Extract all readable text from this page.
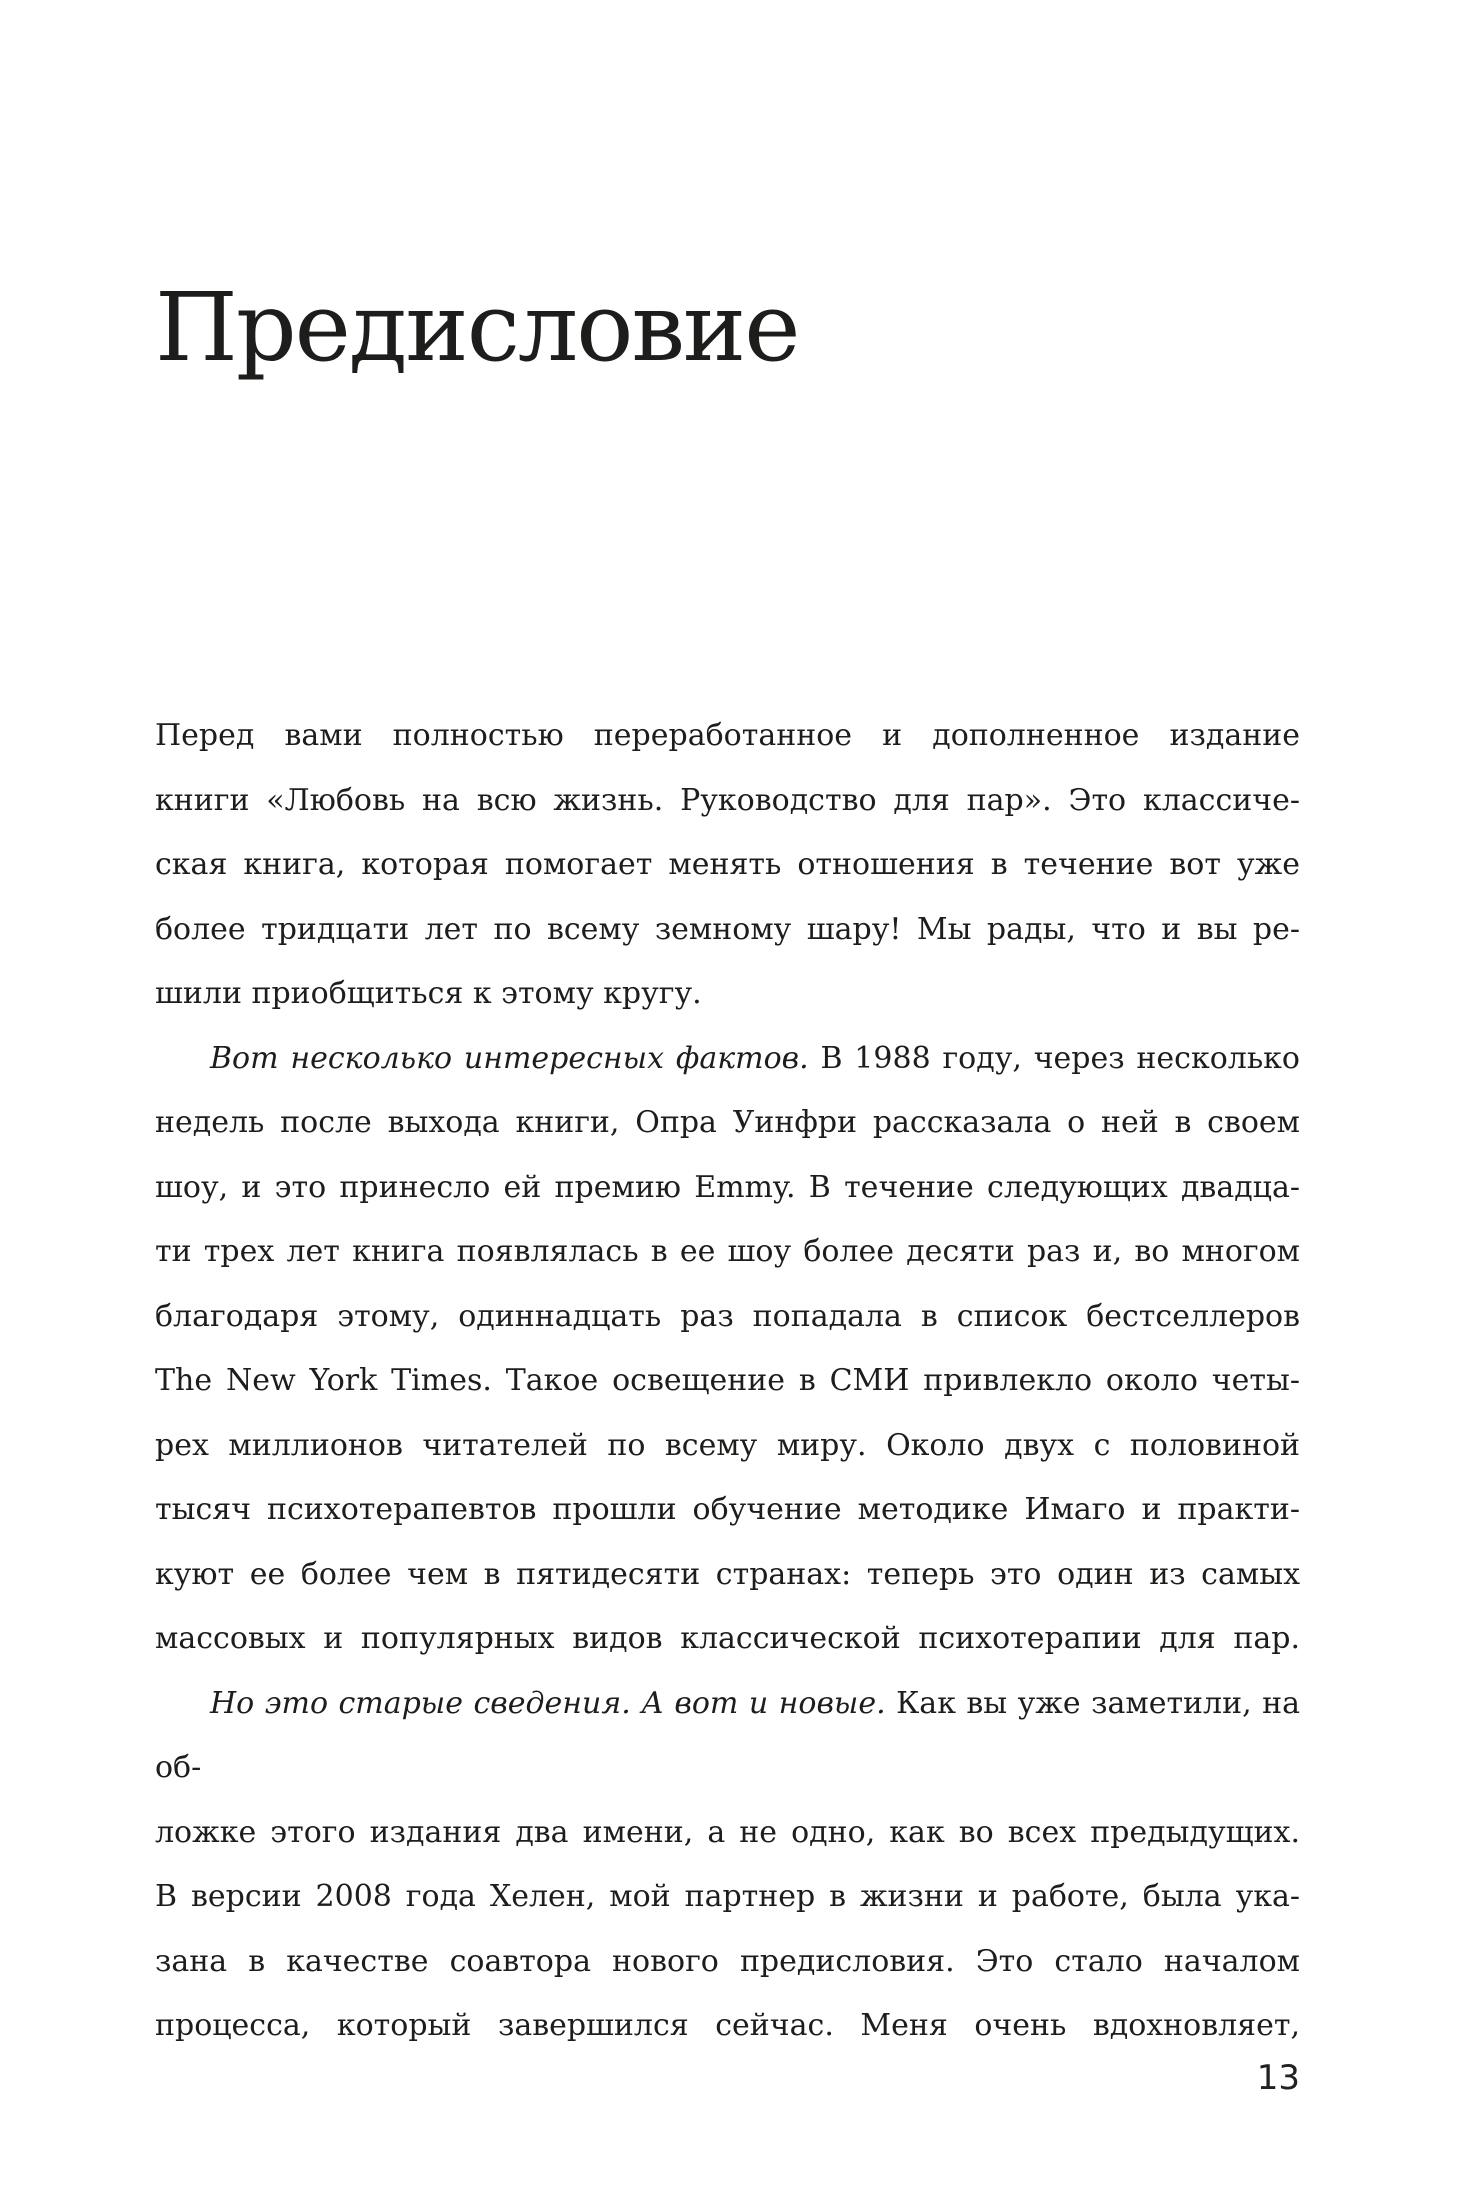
Предисловие
Перед вами полностью переработанное и дополненное издание
книги «Любовь на всю жизнь. Руководство для пар». Это классиче-
ская книга, которая помогает менять отношения в течение вот уже
более тридцати лет по всему земному шару! Мы рады, что и вы ре-
шили приобщиться к этому кругу.
Вот несколько интересных фактов. В 1988 году, через несколько
недель после выхода книги, Опра Уинфри рассказала о ней в своем
шоу, и это принесло ей премию Emmy. В течение следующих двадца-
ти трех лет книга появлялась в ее шоу более десяти раз и, во многом
благодаря этому, одиннадцать раз попадала в список бестселлеров
The New York Times. Такое освещение в СМИ привлекло около четы-
рех миллионов читателей по всему миру. Около двух с половиной
тысяч психотерапевтов прошли обучение методике Имаго и практи-
куют ее более чем в пятидесяти странах: теперь это один из самых
массовых и популярных видов классической психотерапии для пар.
Но это старые сведения. А вот и новые. Как вы уже заметили, на об-
ложке этого издания два имени, а не одно, как во всех предыдущих.
В версии 2008 года Хелен, мой партнер в жизни и работе, была ука-
зана в качестве соавтора нового предисловия. Это стало началом
процесса, который завершился сейчас. Меня очень вдохновляет,
13
